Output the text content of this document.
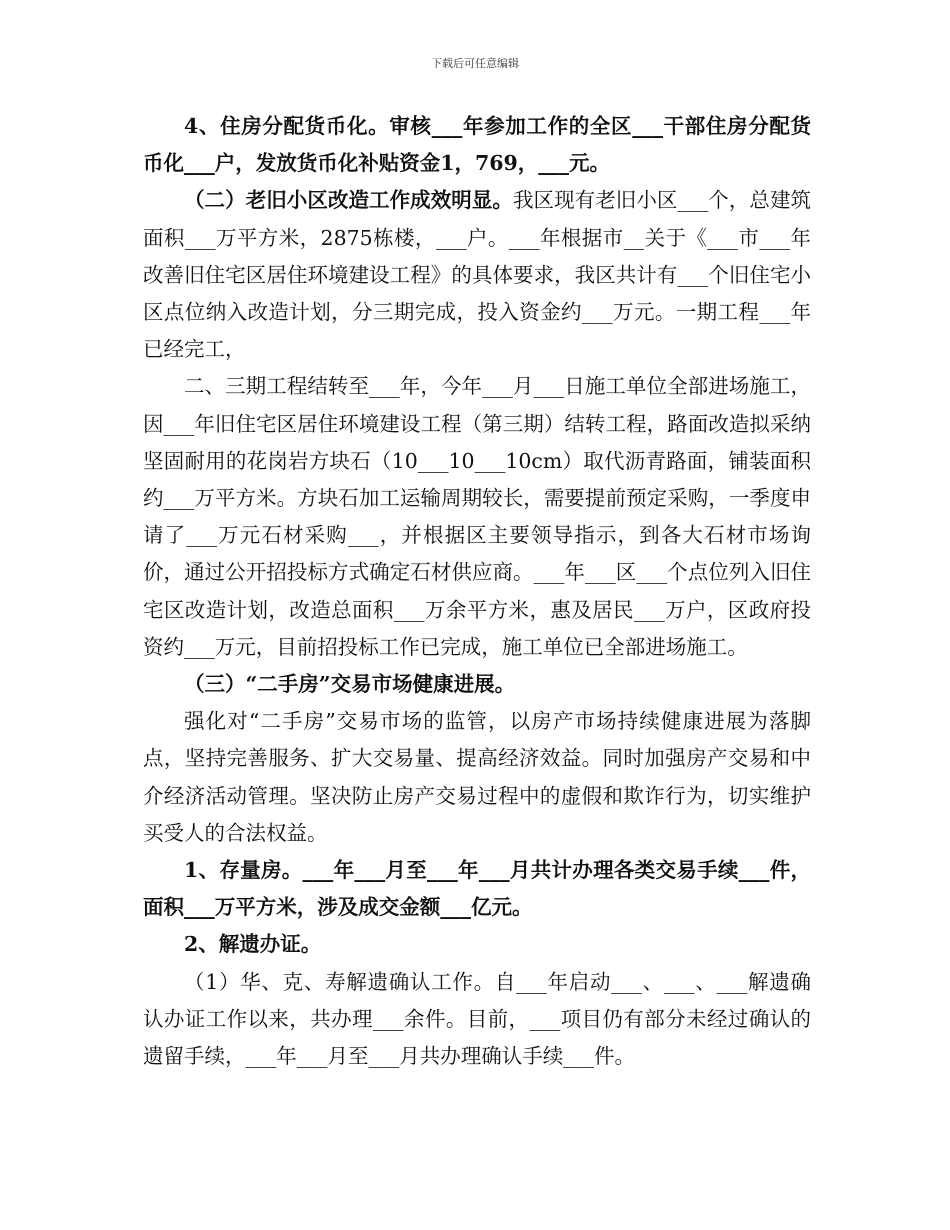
下载后可任意编辑

4、住房分配货币化。审核___年参加工作的全区___干部住房分配货币化___户，发放货币化补贴资金1，769，___元。

（二）老旧小区改造工作成效明显。我区现有老旧小区___个，总建筑面积___万平方米，2875栋楼，___户。___年根据市__关于《___市___年改善旧住宅区居住环境建设工程》的具体要求，我区共计有___个旧住宅小区点位纳入改造计划，分三期完成，投入资金约___万元。一期工程___年已经完工，

二、三期工程结转至___年，今年___月___日施工单位全部进场施工，因___年旧住宅区居住环境建设工程（第三期）结转工程，路面改造拟采纳坚固耐用的花岗岩方块石（10___10___10cm）取代沥青路面，铺装面积约___万平方米。方块石加工运输周期较长，需要提前预定采购，一季度申请了___万元石材采购___，并根据区主要领导指示，到各大石材市场询价，通过公开招投标方式确定石材供应商。___年___区___个点位列入旧住宅区改造计划，改造总面积___万余平方米，惠及居民___万户，区政府投资约___万元，目前招投标工作已完成，施工单位已全部进场施工。

（三）“二手房”交易市场健康进展。

强化对“二手房”交易市场的监管，以房产市场持续健康进展为落脚点，坚持完善服务、扩大交易量、提高经济效益。同时加强房产交易和中介经济活动管理。坚决防止房产交易过程中的虚假和欺诈行为，切实维护买受人的合法权益。

1、存量房。___年___月至___年___月共计办理各类交易手续___件，面积___万平方米，涉及成交金额___亿元。

2、解遗办证。

（1）华、克、寿解遗确认工作。自___年启动___、___、___解遗确认办证工作以来，共办理___余件。目前，___项目仍有部分未经过确认的遗留手续，___年___月至___月共办理确认手续___件。
